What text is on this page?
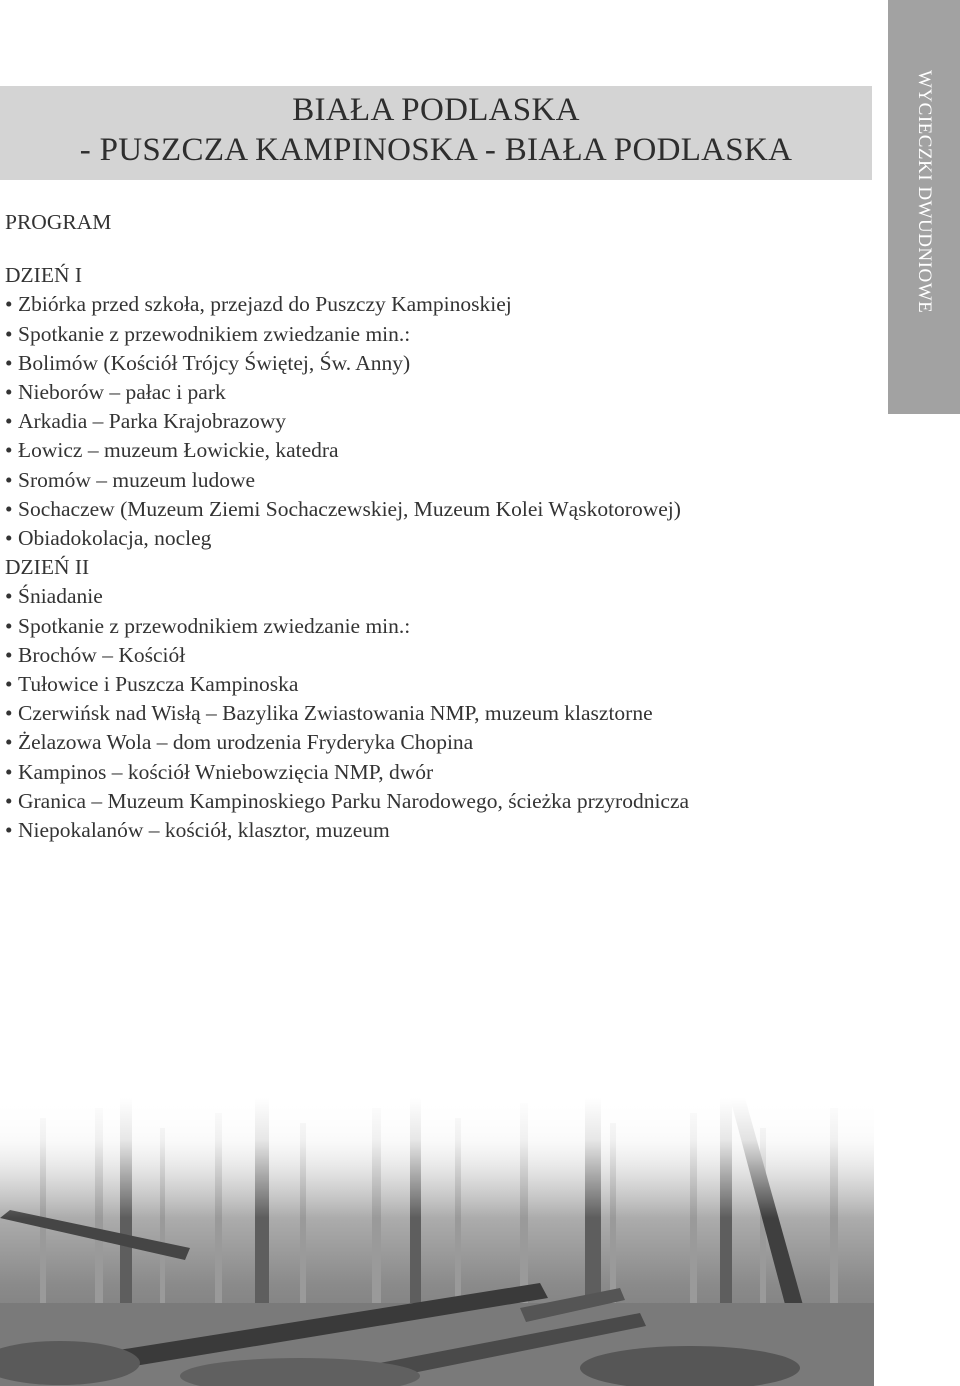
BIAŁA PODLASKA
- PUSZCZA KAMPINOSKA - BIAŁA PODLASKA	WYCIECZKI DWUDNIOWE

PROGRAM

DZIEŃ I

• Zbiórka przed szkoła, przejazd do Puszczy Kampinoskiej
• Spotkanie z przewodnikiem zwiedzanie min.:
• Bolimów (Kościół Trójcy Świętej, Św. Anny)
• Nieborów – pałac i park
• Arkadia – Parka Krajobrazowy
• Łowicz – muzeum Łowickie, katedra
• Sromów – muzeum ludowe
• Sochaczew (Muzeum Ziemi Sochaczewskiej, Muzeum Kolei Wąskotorowej)
• Obiadokolacja, nocleg

DZIEŃ II

• Śniadanie
• Spotkanie z przewodnikiem zwiedzanie min.:
• Brochów – Kościół
• Tułowice i Puszcza Kampinoska
• Czerwińsk nad Wisłą – Bazylika Zwiastowania NMP, muzeum klasztorne
• Żelazowa Wola – dom urodzenia Fryderyka Chopina
• Kampinos – kościół Wniebowzięcia NMP, dwór
• Granica – Muzeum Kampinoskiego Parku Narodowego, ścieżka przyrodnicza
• Niepokalanów – kościół, klasztor, muzeum
